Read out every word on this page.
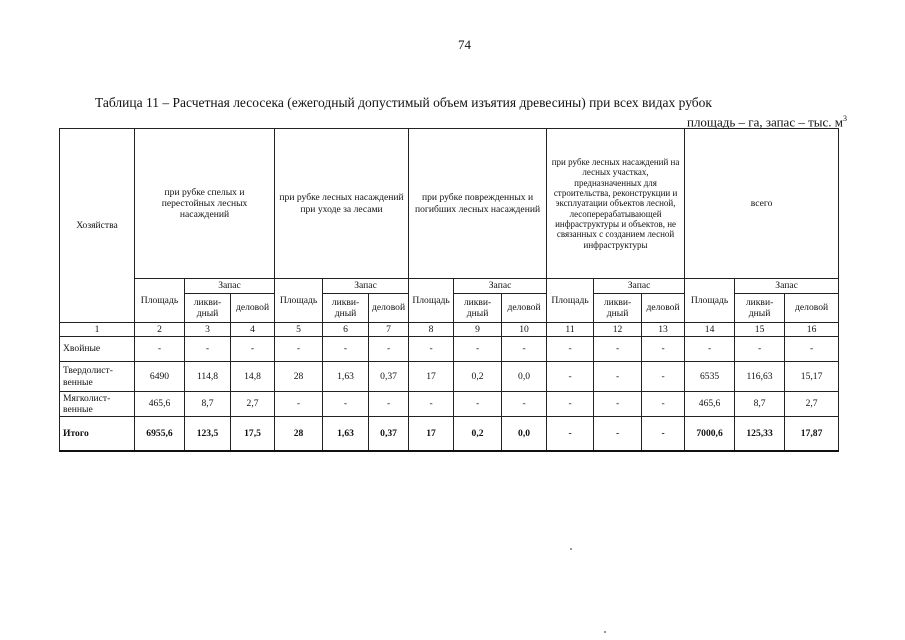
74
Таблица 11 – Расчетная лесосека (ежегодный допустимый объем изъятия древесины) при всех видах рубок
площадь – га, запас – тыс. $м^3$
Хозяйства	при рубке спелых и перестойных лесных насаждений			при рубке лесных насаждений при уходе за лесами			при рубке поврежденных и погибших лесных насаждений			при рубке лесных насаждений на лесных участках, предназначенных для строительства, реконструкции и эксплуатации объектов лесной, лесоперерабатывающей инфраструктуры и объектов, не связанных с созданием лесной инфраструктуры			всего		
	Площадь	Запас		Площадь	Запас		Площадь	Запас		Площадь	Запас		Площадь	Запас	
		ликви-дный	деловой		ликви-дный	деловой		ликви-дный	деловой		ликви-дный	деловой		ликви-дный	деловой
1	2	3	4	5	6	7	8	9	10	11	12	13	14	15	16
Хвойные	-	-	-	-	-	-	-	-	-	-	-	-	-	-	-
Твердолист-венные	6490	114,8	14,8	28	1,63	0,37	17	0,2	0,0	-	-	-	6535	116,63	15,17
Мягколист-венные	465,6	8,7	2,7	-	-	-	-	-	-	-	-	-	465,6	8,7	2,7
Итого	6955,6	123,5	17,5	28	1,63	0,37	17	0,2	0,0	-	-	-	7000,6	125,33	17,87
